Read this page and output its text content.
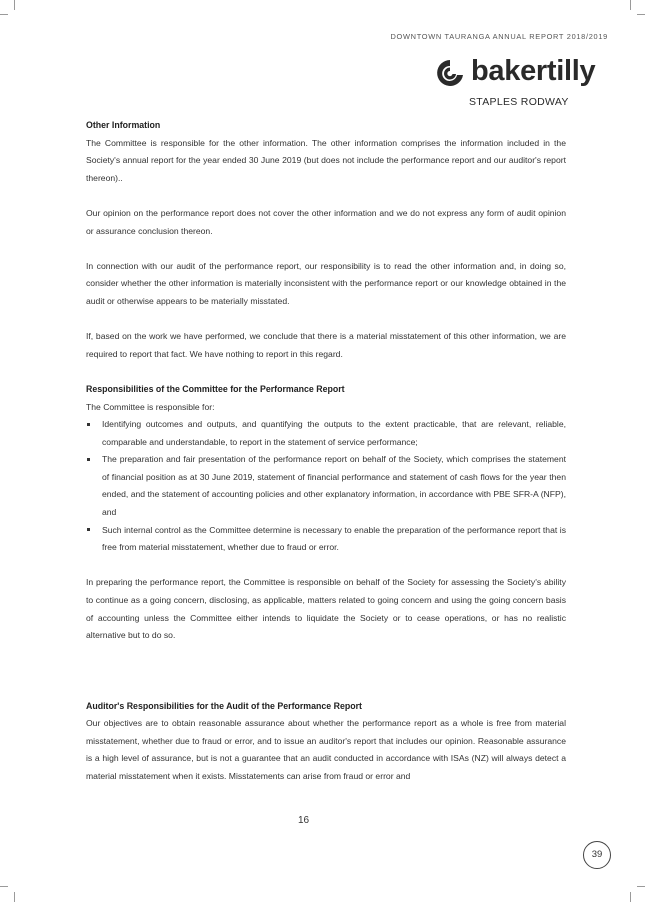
DOWNTOWN TAURANGA ANNUAL REPORT 2018/2019
bakertilly
STAPLES RODWAY

Other Information

The Committee is responsible for the other information. The other information comprises the information included in the Society's annual report for the year ended 30 June 2019 (but does not include the performance report and our auditor's report thereon)..

Our opinion on the performance report does not cover the other information and we do not express any form of audit opinion or assurance conclusion thereon.

In connection with our audit of the performance report, our responsibility is to read the other information and, in doing so, consider whether the other information is materially inconsistent with the performance report or our knowledge obtained in the audit or otherwise appears to be materially misstated.

If, based on the work we have performed, we conclude that there is a material misstatement of this other information, we are required to report that fact. We have nothing to report in this regard.

Responsibilities of the Committee for the Performance Report

The Committee is responsible for:

Identifying outcomes and outputs, and quantifying the outputs to the extent practicable, that are relevant, reliable, comparable and understandable, to report in the statement of service performance;
The preparation and fair presentation of the performance report on behalf of the Society, which comprises the statement of financial position as at 30 June 2019, statement of financial performance and statement of cash flows for the year then ended, and the statement of accounting policies and other explanatory information, in accordance with PBE SFR-A (NFP), and
Such internal control as the Committee determine is necessary to enable the preparation of the performance report that is free from material misstatement, whether due to fraud or error.

In preparing the performance report, the Committee is responsible on behalf of the Society for assessing the Society's ability to continue as a going concern, disclosing, as applicable, matters related to going concern and using the going concern basis of accounting unless the Committee either intends to liquidate the Society or to cease operations, or has no realistic alternative but to do so.

Auditor's Responsibilities for the Audit of the Performance Report

Our objectives are to obtain reasonable assurance about whether the performance report as a whole is free from material misstatement, whether due to fraud or error, and to issue an auditor's report that includes our opinion. Reasonable assurance is a high level of assurance, but is not a guarantee that an audit conducted in accordance with ISAs (NZ) will always detect a material misstatement when it exists. Misstatements can arise from fraud or error and

16
39
